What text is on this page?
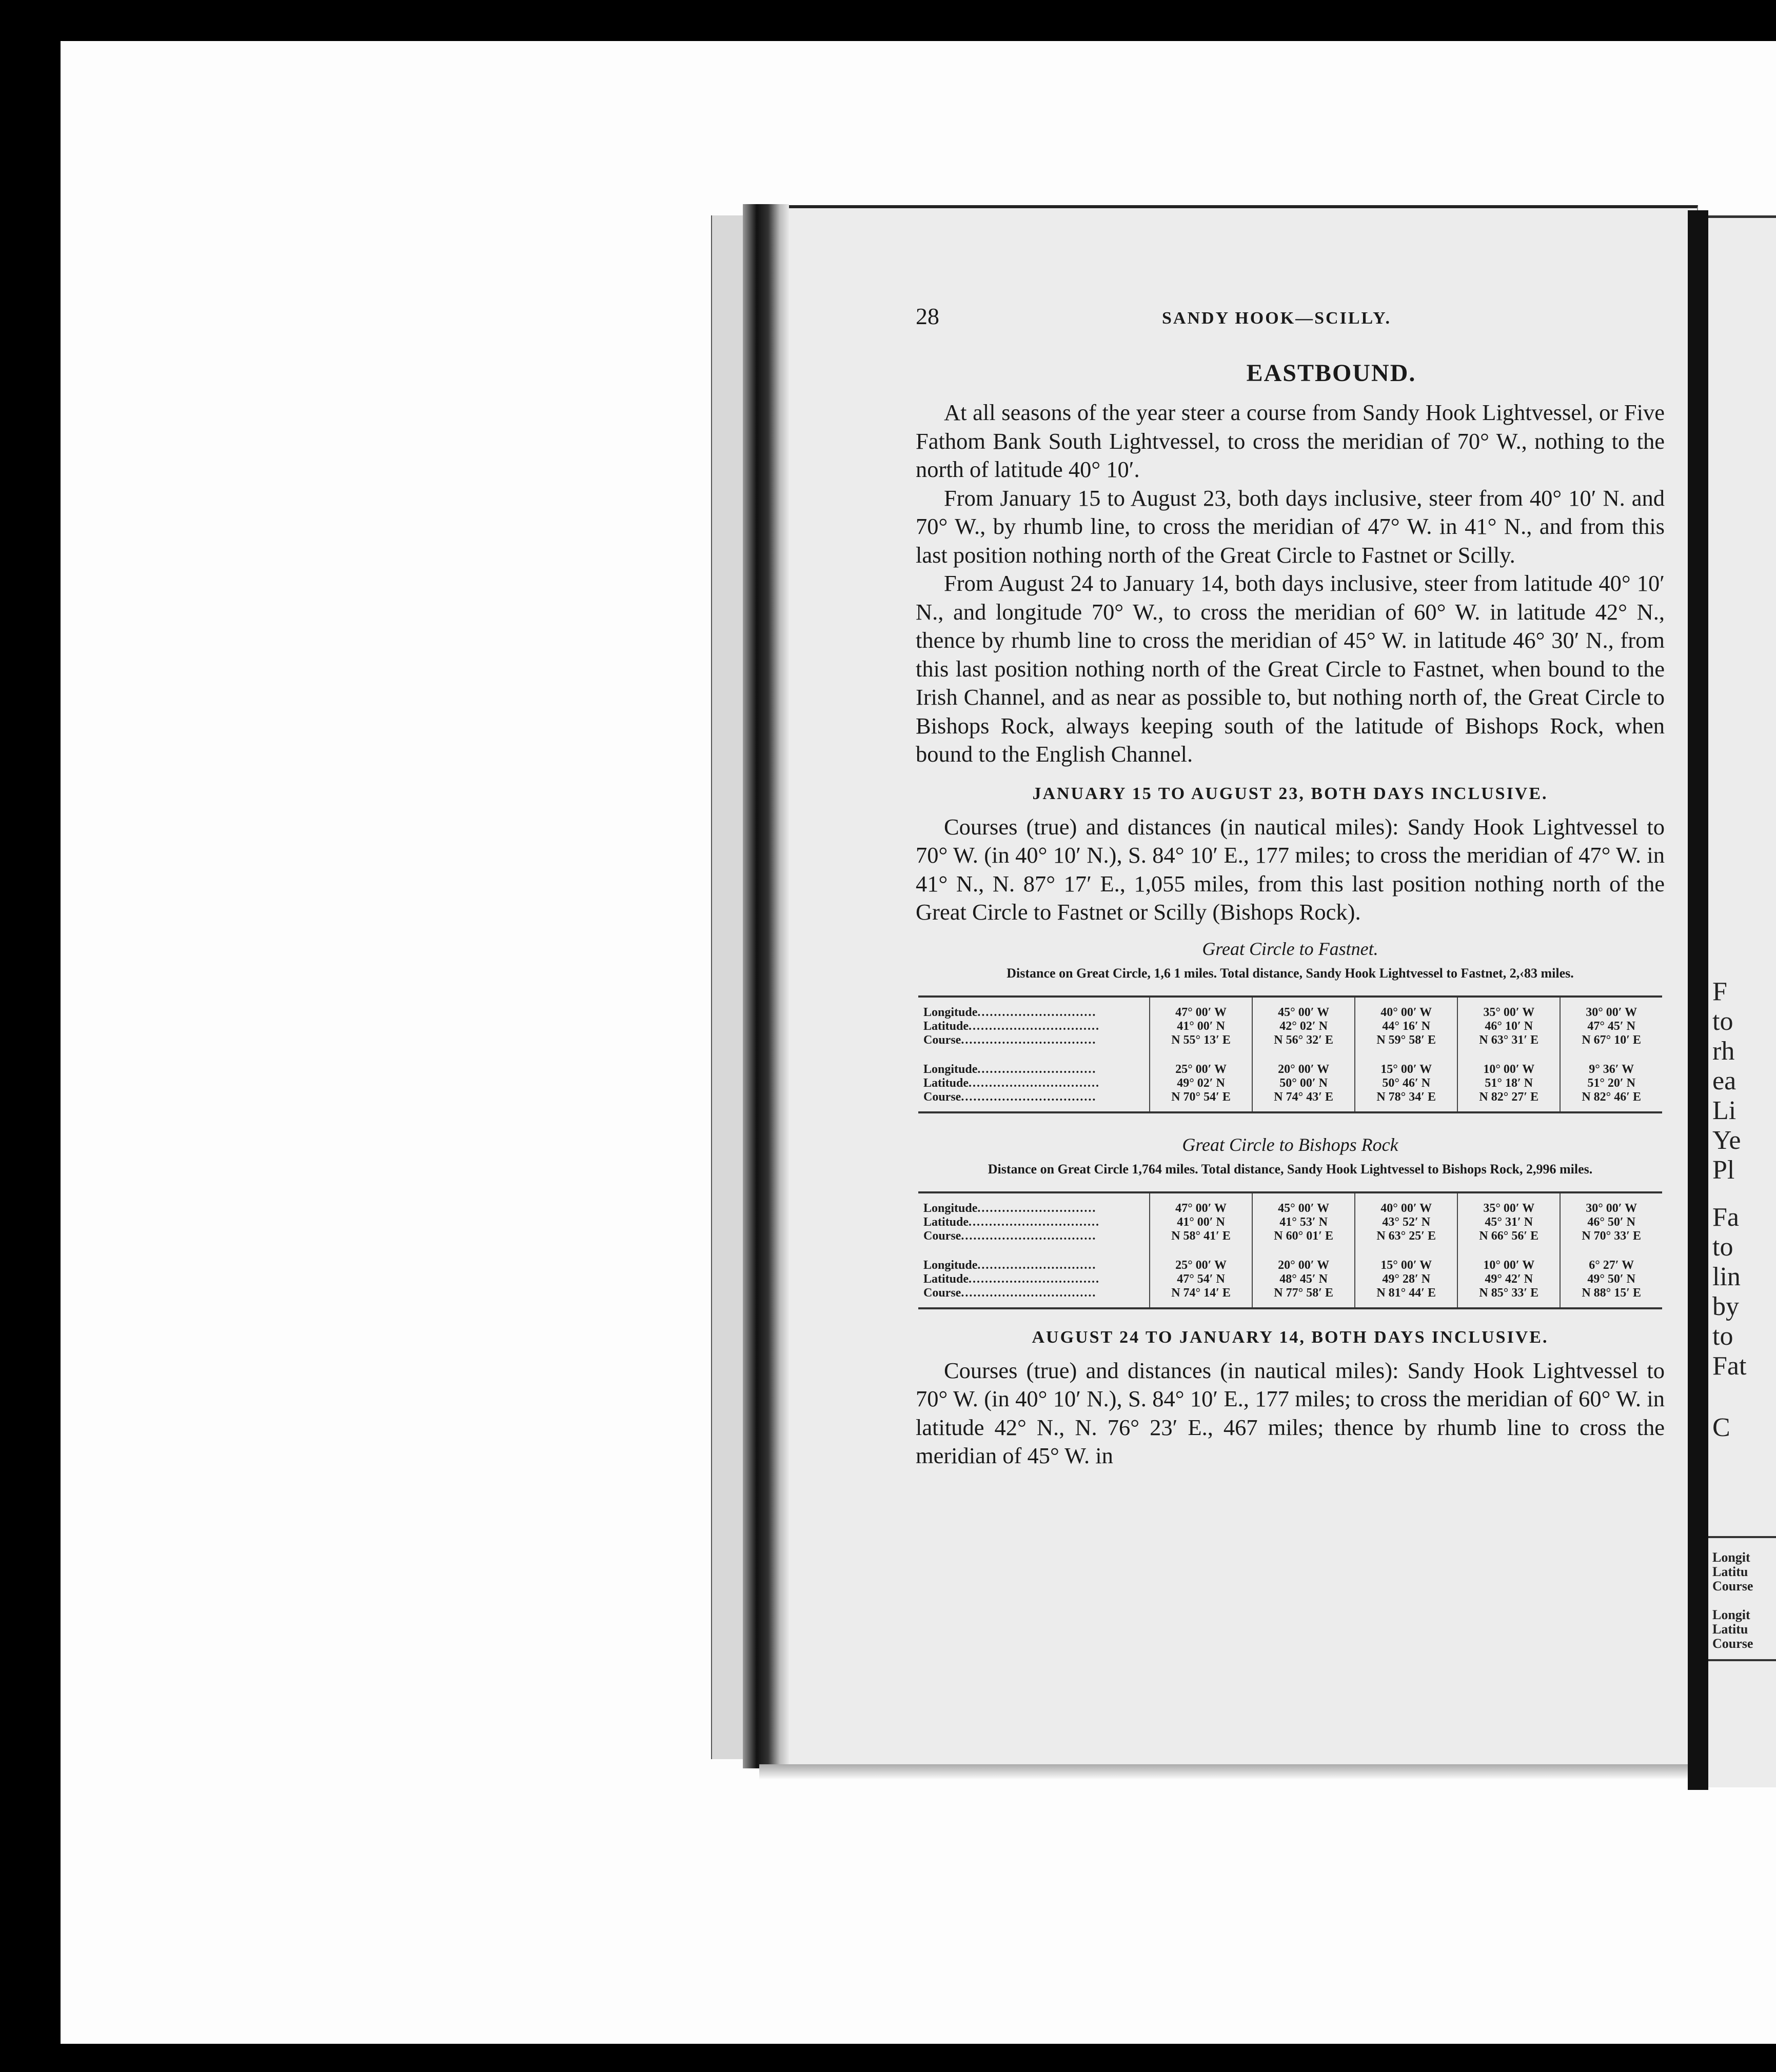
F
to
rh
ea
Li
Ye
Pl
Fa
to
lin
by
to
Fat
C
Longit
Latitu
Course
Longit
Latitu
Course
28	SANDY HOOK—SCILLY.
EASTBOUND.

At all seasons of the year steer a course from Sandy Hook Lightvessel, or Five Fathom Bank South Lightvessel, to cross the meridian of 70° W., nothing to the north of latitude 40° 10′.

From January 15 to August 23, both days inclusive, steer from 40° 10′ N. and 70° W., by rhumb line, to cross the meridian of 47° W. in 41° N., and from this last position nothing north of the Great Circle to Fastnet or Scilly.

From August 24 to January 14, both days inclusive, steer from latitude 40° 10′ N., and longitude 70° W., to cross the meridian of 60° W. in latitude 42° N., thence by rhumb line to cross the meridian of 45° W. in latitude 46° 30′ N., from this last position nothing north of the Great Circle to Fastnet, when bound to the Irish Channel, and as near as possible to, but nothing north of, the Great Circle to Bishops Rock, always keeping south of the latitude of Bishops Rock, when bound to the English Channel.

JANUARY 15 TO AUGUST 23, BOTH DAYS INCLUSIVE.

Courses (true) and distances (in nautical miles): Sandy Hook Lightvessel to 70° W. (in 40° 10′ N.), S. 84° 10′ E., 177 miles; to cross the meridian of 47° W. in 41° N., N. 87° 17′ E., 1,055 miles, from this last position nothing north of the Great Circle to Fastnet or Scilly (Bishops Rock).

Great Circle to Fastnet.
Distance on Great Circle, 1,6 1 miles. Total distance, Sandy Hook Lightvessel to Fastnet, 2,‹83 miles.
Longitude.............................	47° 00′ W	45° 00′ W	40° 00′ W	35° 00′ W	30° 00′ W
Latitude................................	41° 00′ N	42° 02′ N	44° 16′ N	46° 10′ N	47° 45′ N
Course.................................	N 55° 13′ E	N 56° 32′ E	N 59° 58′ E	N 63° 31′ E	N 67° 10′ E
Longitude.............................	25° 00′ W	20° 00′ W	15° 00′ W	10° 00′ W	9° 36′ W
Latitude................................	49° 02′ N	50° 00′ N	50° 46′ N	51° 18′ N	51° 20′ N
Course.................................	N 70° 54′ E	N 74° 43′ E	N 78° 34′ E	N 82° 27′ E	N 82° 46′ E
Great Circle to Bishops Rock
Distance on Great Circle 1,764 miles. Total distance, Sandy Hook Lightvessel to Bishops Rock, 2,996 miles.
Longitude.............................	47° 00′ W	45° 00′ W	40° 00′ W	35° 00′ W	30° 00′ W
Latitude................................	41° 00′ N	41° 53′ N	43° 52′ N	45° 31′ N	46° 50′ N
Course.................................	N 58° 41′ E	N 60° 01′ E	N 63° 25′ E	N 66° 56′ E	N 70° 33′ E
Longitude.............................	25° 00′ W	20° 00′ W	15° 00′ W	10° 00′ W	6° 27′ W
Latitude................................	47° 54′ N	48° 45′ N	49° 28′ N	49° 42′ N	49° 50′ N
Course.................................	N 74° 14′ E	N 77° 58′ E	N 81° 44′ E	N 85° 33′ E	N 88° 15′ E
AUGUST 24 TO JANUARY 14, BOTH DAYS INCLUSIVE.

Courses (true) and distances (in nautical miles): Sandy Hook Lightvessel to 70° W. (in 40° 10′ N.), S. 84° 10′ E., 177 miles; to cross the meridian of 60° W. in latitude 42° N., N. 76° 23′ E., 467 miles; thence by rhumb line to cross the meridian of 45° W. in
